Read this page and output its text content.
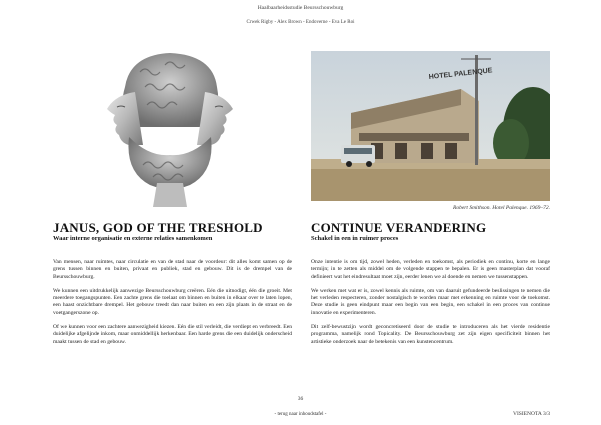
Haalbaarheidsstudie Beursschouwburg
Crwek Rigby - Alex Brown - Endoverne - Eva Le Roi
HOTEL PALENQUE
Robert Smithson. Hotel Palenque. 1969–72.
JANUS, GOD OF THE TRESHOLD
Waar interne organisatie en externe relaties samenkomen

Van mensen, naar ruimtes, naar circulatie en van de stad naar de voordeur: dit alles komt samen op de grens tussen binnen en buiten, privaat en publiek, stad en gebouw. Dit is de drempel van de Beursschouwburg.

We kunnen een uitdrukkelijk aanwezige Beursschouwburg creëren. Eén die uitnodigt, één die groeit. Met meerdere toegangspunten. Een zachte grens die toelaat om binnen en buiten in elkaar over te laten lopen, een haast onzichtbare drempel. Het gebouw treedt dan naar buiten en een zijn plaats in de straat en de voetgangerszone op.

Of we kunnen voor een zachtere aanwezigheid kiezen. Eén die stil verleidt, die verdiept en verbreedt. Een duidelijke afgelijnde inkom, maar onmiddellijk herkenbaar. Een harde grens die een duidelijk onderscheid maakt tussen de stad en gebouw.

CONTINUE VERANDERING
Schakel in een in ruimer proces

Onze intentie is om tijd, zowel heden, verleden en toekomst, als periodiek en continu, korte en lange termijn; in te zetten als middel om de volgende stappen te bepalen. Er is geen masterplan dat vooraf definieert wat het eindresultaat moet zijn, eerder lenen we al doende en nemen we tussenstappen.

We werken met wat er is, zowel kennis als ruimte, om van daaruit gefundeerde beslissingen te nemen die het verleden respecteren, zonder nostalgisch te worden maar met erkenning en ruimte voor de toekomst. Deze studie is geen eindpunt maar een begin van een begin, een schakel in een proces van continue innovatie en experimenteren.

Dit zelf-bewustzijn wordt geconcretiseerd door de studie te introduceren als het vierde residentie programma, namelijk rond Topicality. De Beursschouwburg zet zijn eigen specificiteit binnen het artistieke onderzoek naar de betekenis van een kunstencentrum.

36
- terug naar inhoudstafel -	VISIENOTA 3/3
